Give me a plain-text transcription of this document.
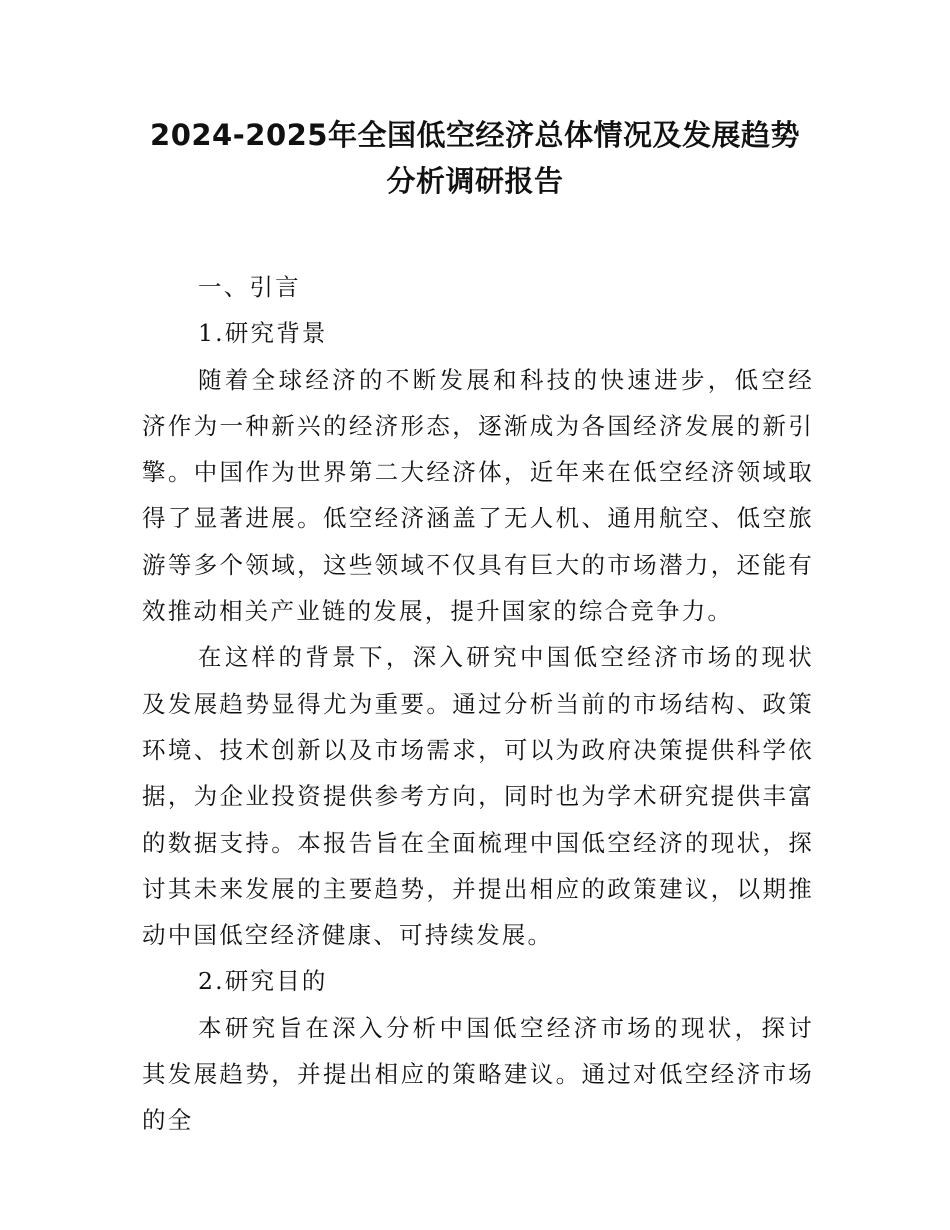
2024-2025年全国低空经济总体情况及发展趋势
分析调研报告

一、引言

1.研究背景

随着全球经济的不断发展和科技的快速进步，低空经济作为一种新兴的经济形态，逐渐成为各国经济发展的新引擎。中国作为世界第二大经济体，近年来在低空经济领域取得了显著进展。低空经济涵盖了无人机、通用航空、低空旅游等多个领域，这些领域不仅具有巨大的市场潜力，还能有效推动相关产业链的发展，提升国家的综合竞争力。

在这样的背景下，深入研究中国低空经济市场的现状及发展趋势显得尤为重要。通过分析当前的市场结构、政策环境、技术创新以及市场需求，可以为政府决策提供科学依据，为企业投资提供参考方向，同时也为学术研究提供丰富的数据支持。本报告旨在全面梳理中国低空经济的现状，探讨其未来发展的主要趋势，并提出相应的政策建议，以期推动中国低空经济健康、可持续发展。

2.研究目的

本研究旨在深入分析中国低空经济市场的现状，探讨其发展趋势，并提出相应的策略建议。通过对低空经济市场的全
